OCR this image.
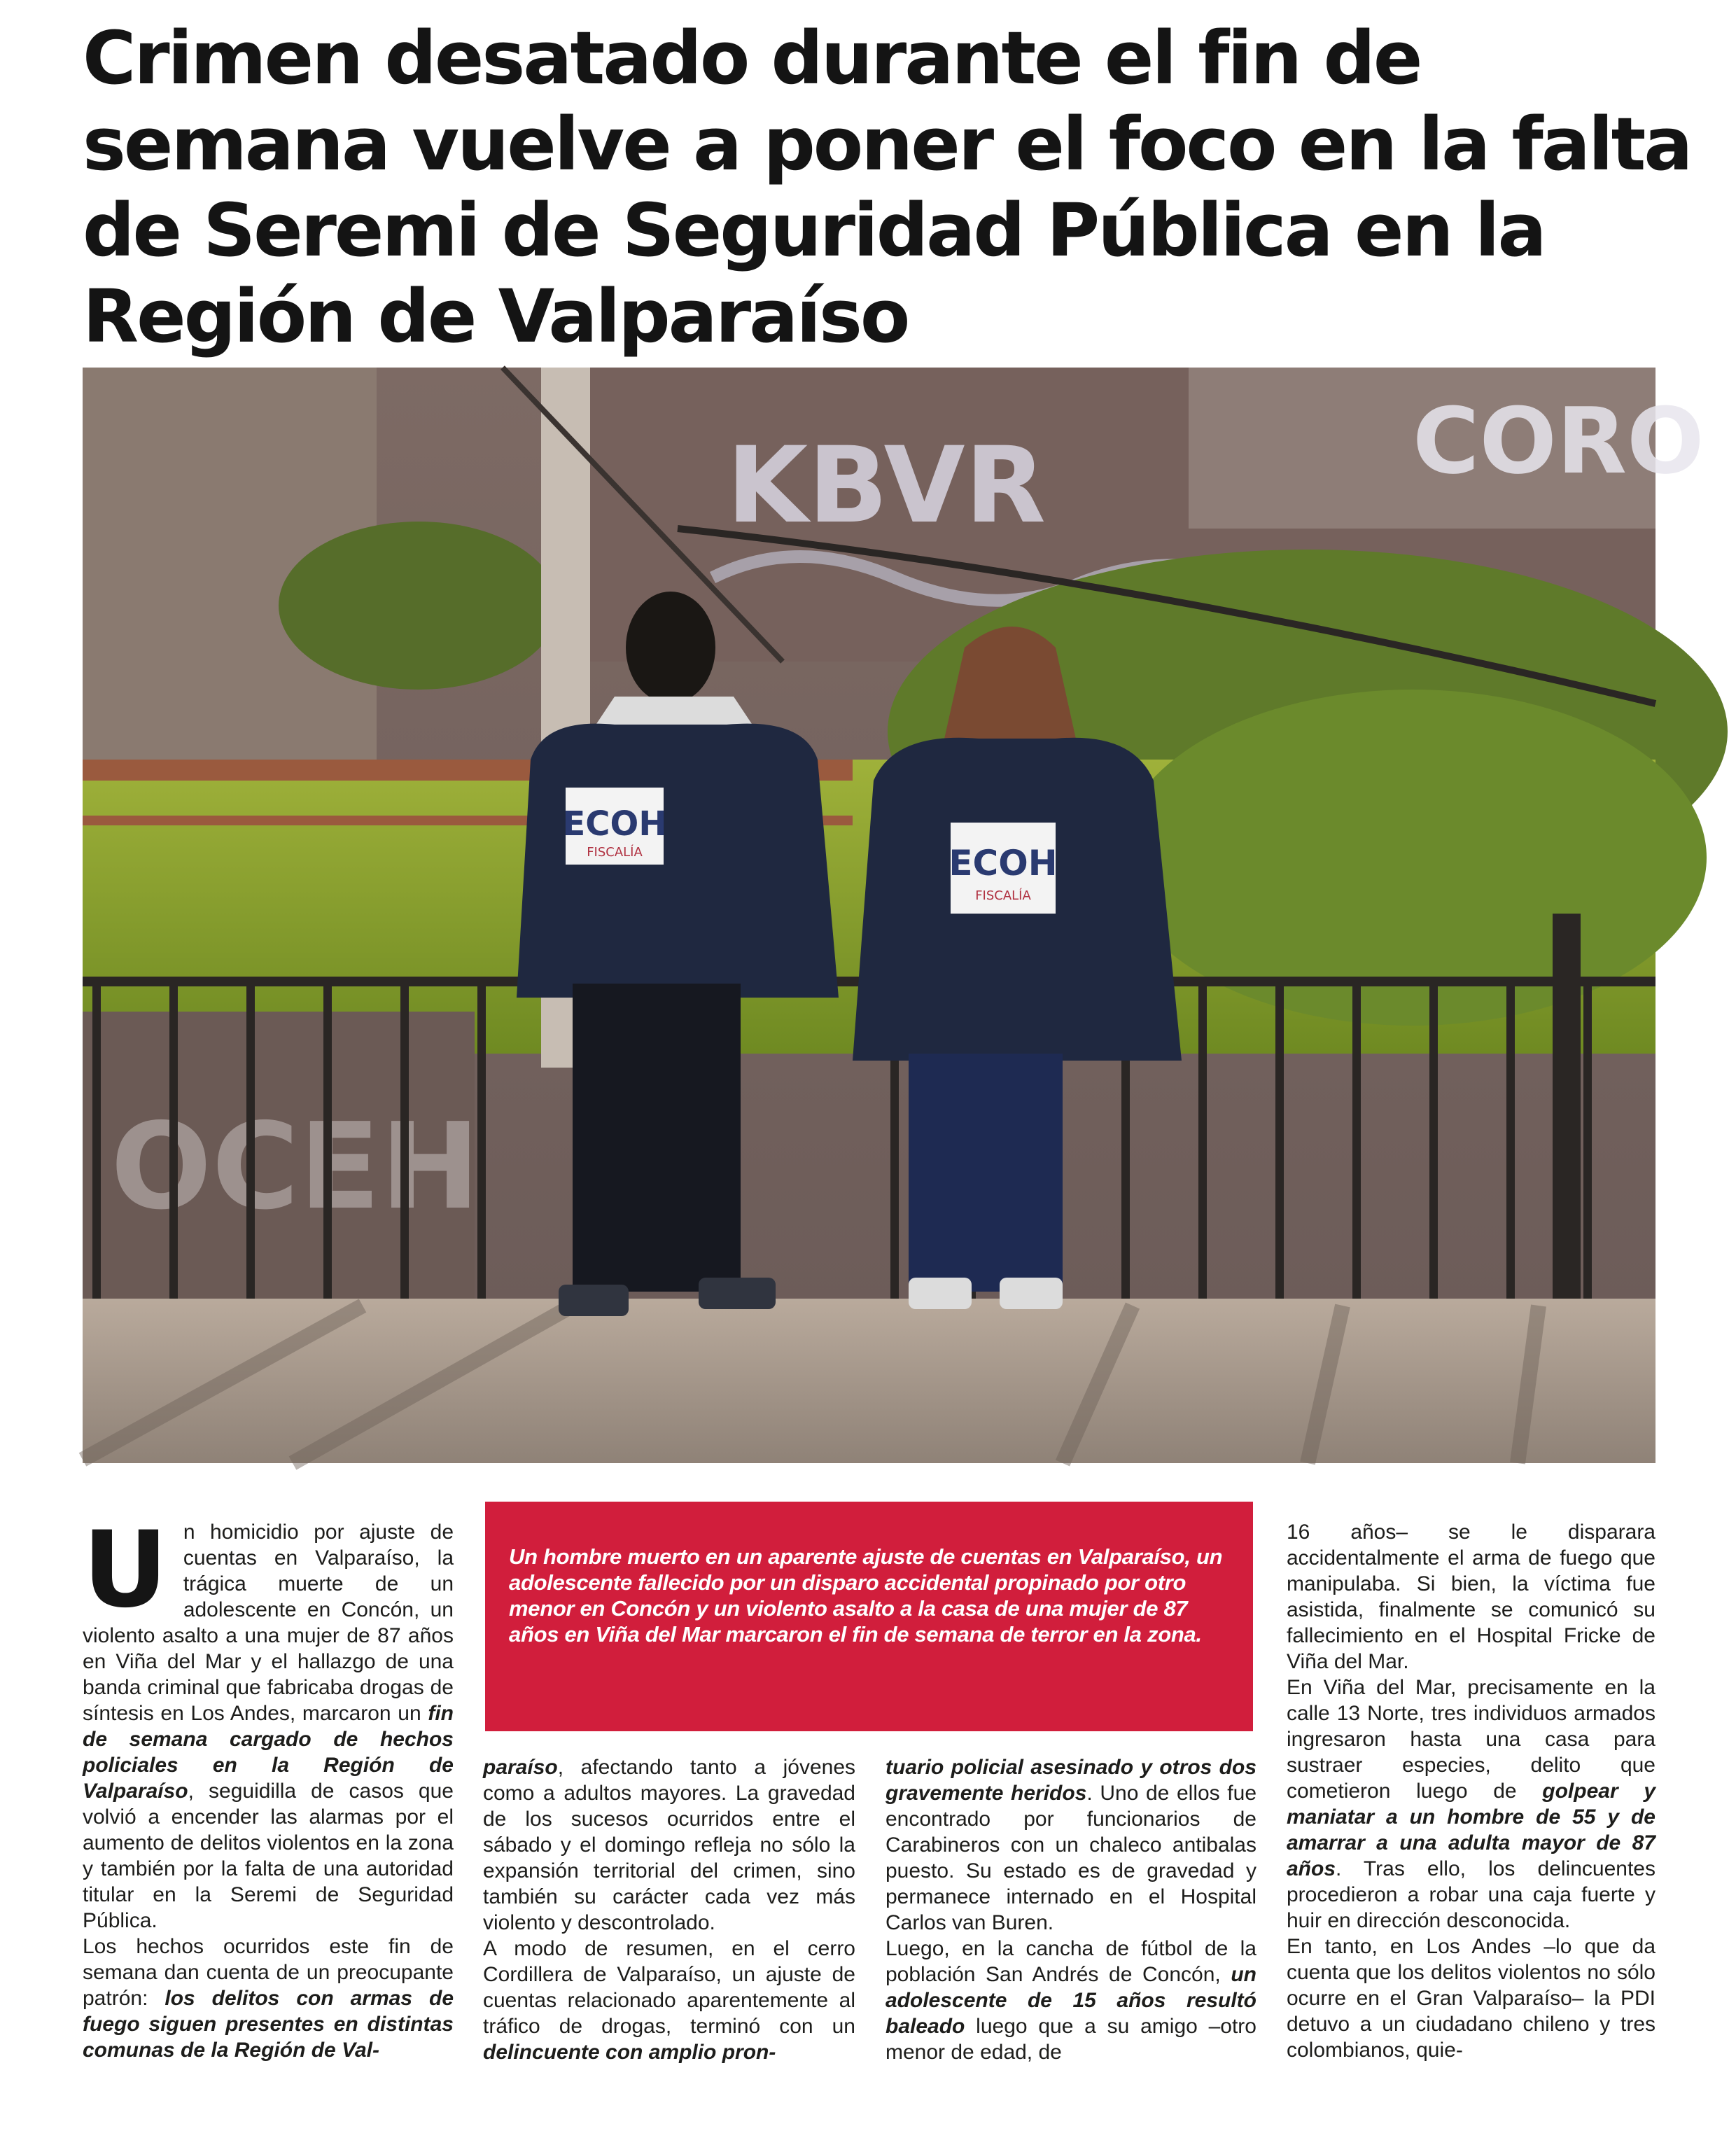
Crimen desatado durante el fin de semana vuelve a poner el foco en la falta de Seremi de Seguridad Pública en la Región de Valparaíso
KBVR	CORO
OCEH
ECOH
FISCALÍA	ECOH
FISCALÍA

Un hombre muerto en un aparente ajuste de cuentas en Valparaíso, un adolescente fallecido por un disparo accidental propinado por otro menor en Concón y un violento asalto a la casa de una mujer de 87 años en Viña del Mar marcaron el fin de semana de terror en la zona.

U n homicidio por ajuste de cuentas en Valparaíso, la trágica muerte de un adolescente en Concón, un violento asalto a una mujer de 87 años en Viña del Mar y el hallazgo de una banda criminal que fabricaba drogas de síntesis en Los Andes, marcaron un fin de semana cargado de hechos policiales en la Región de Valparaíso, seguidilla de casos que volvió a encender las alarmas por el aumento de delitos violentos en la zona y también por la falta de una autoridad titular en la Seremi de Seguridad Pública.

Los hechos ocurridos este fin de semana dan cuenta de un preocupante patrón: los delitos con armas de fuego siguen presentes en distintas comunas de la Región de Val-

paraíso, afectando tanto a jóvenes como a adultos mayores. La gravedad de los sucesos ocurridos entre el sábado y el domingo refleja no sólo la expansión territorial del crimen, sino también su carácter cada vez más violento y descontrolado.

A modo de resumen, en el cerro Cordillera de Valparaíso, un ajuste de cuentas relacionado aparentemente al tráfico de drogas, terminó con un delincuente con amplio pron-

tuario policial asesinado y otros dos gravemente heridos. Uno de ellos fue encontrado por funcionarios de Carabineros con un chaleco antibalas puesto. Su estado es de gravedad y permanece internado en el Hospital Carlos van Buren.

Luego, en la cancha de fútbol de la población San Andrés de Concón, un adolescente de 15 años resultó baleado luego que a su amigo –otro menor de edad, de

16 años– se le disparara accidentalmente el arma de fuego que manipulaba. Si bien, la víctima fue asistida, finalmente se comunicó su fallecimiento en el Hospital Fricke de Viña del Mar.

En Viña del Mar, precisamente en la calle 13 Norte, tres individuos armados ingresaron hasta una casa para sustraer especies, delito que cometieron luego de golpear y maniatar a un hombre de 55 y de amarrar a una adulta mayor de 87 años. Tras ello, los delincuentes procedieron a robar una caja fuerte y huir en dirección desconocida.

En tanto, en Los Andes –lo que da cuenta que los delitos violentos no sólo ocurre en el Gran Valparaíso– la PDI detuvo a un ciudadano chileno y tres colombianos, quie-
